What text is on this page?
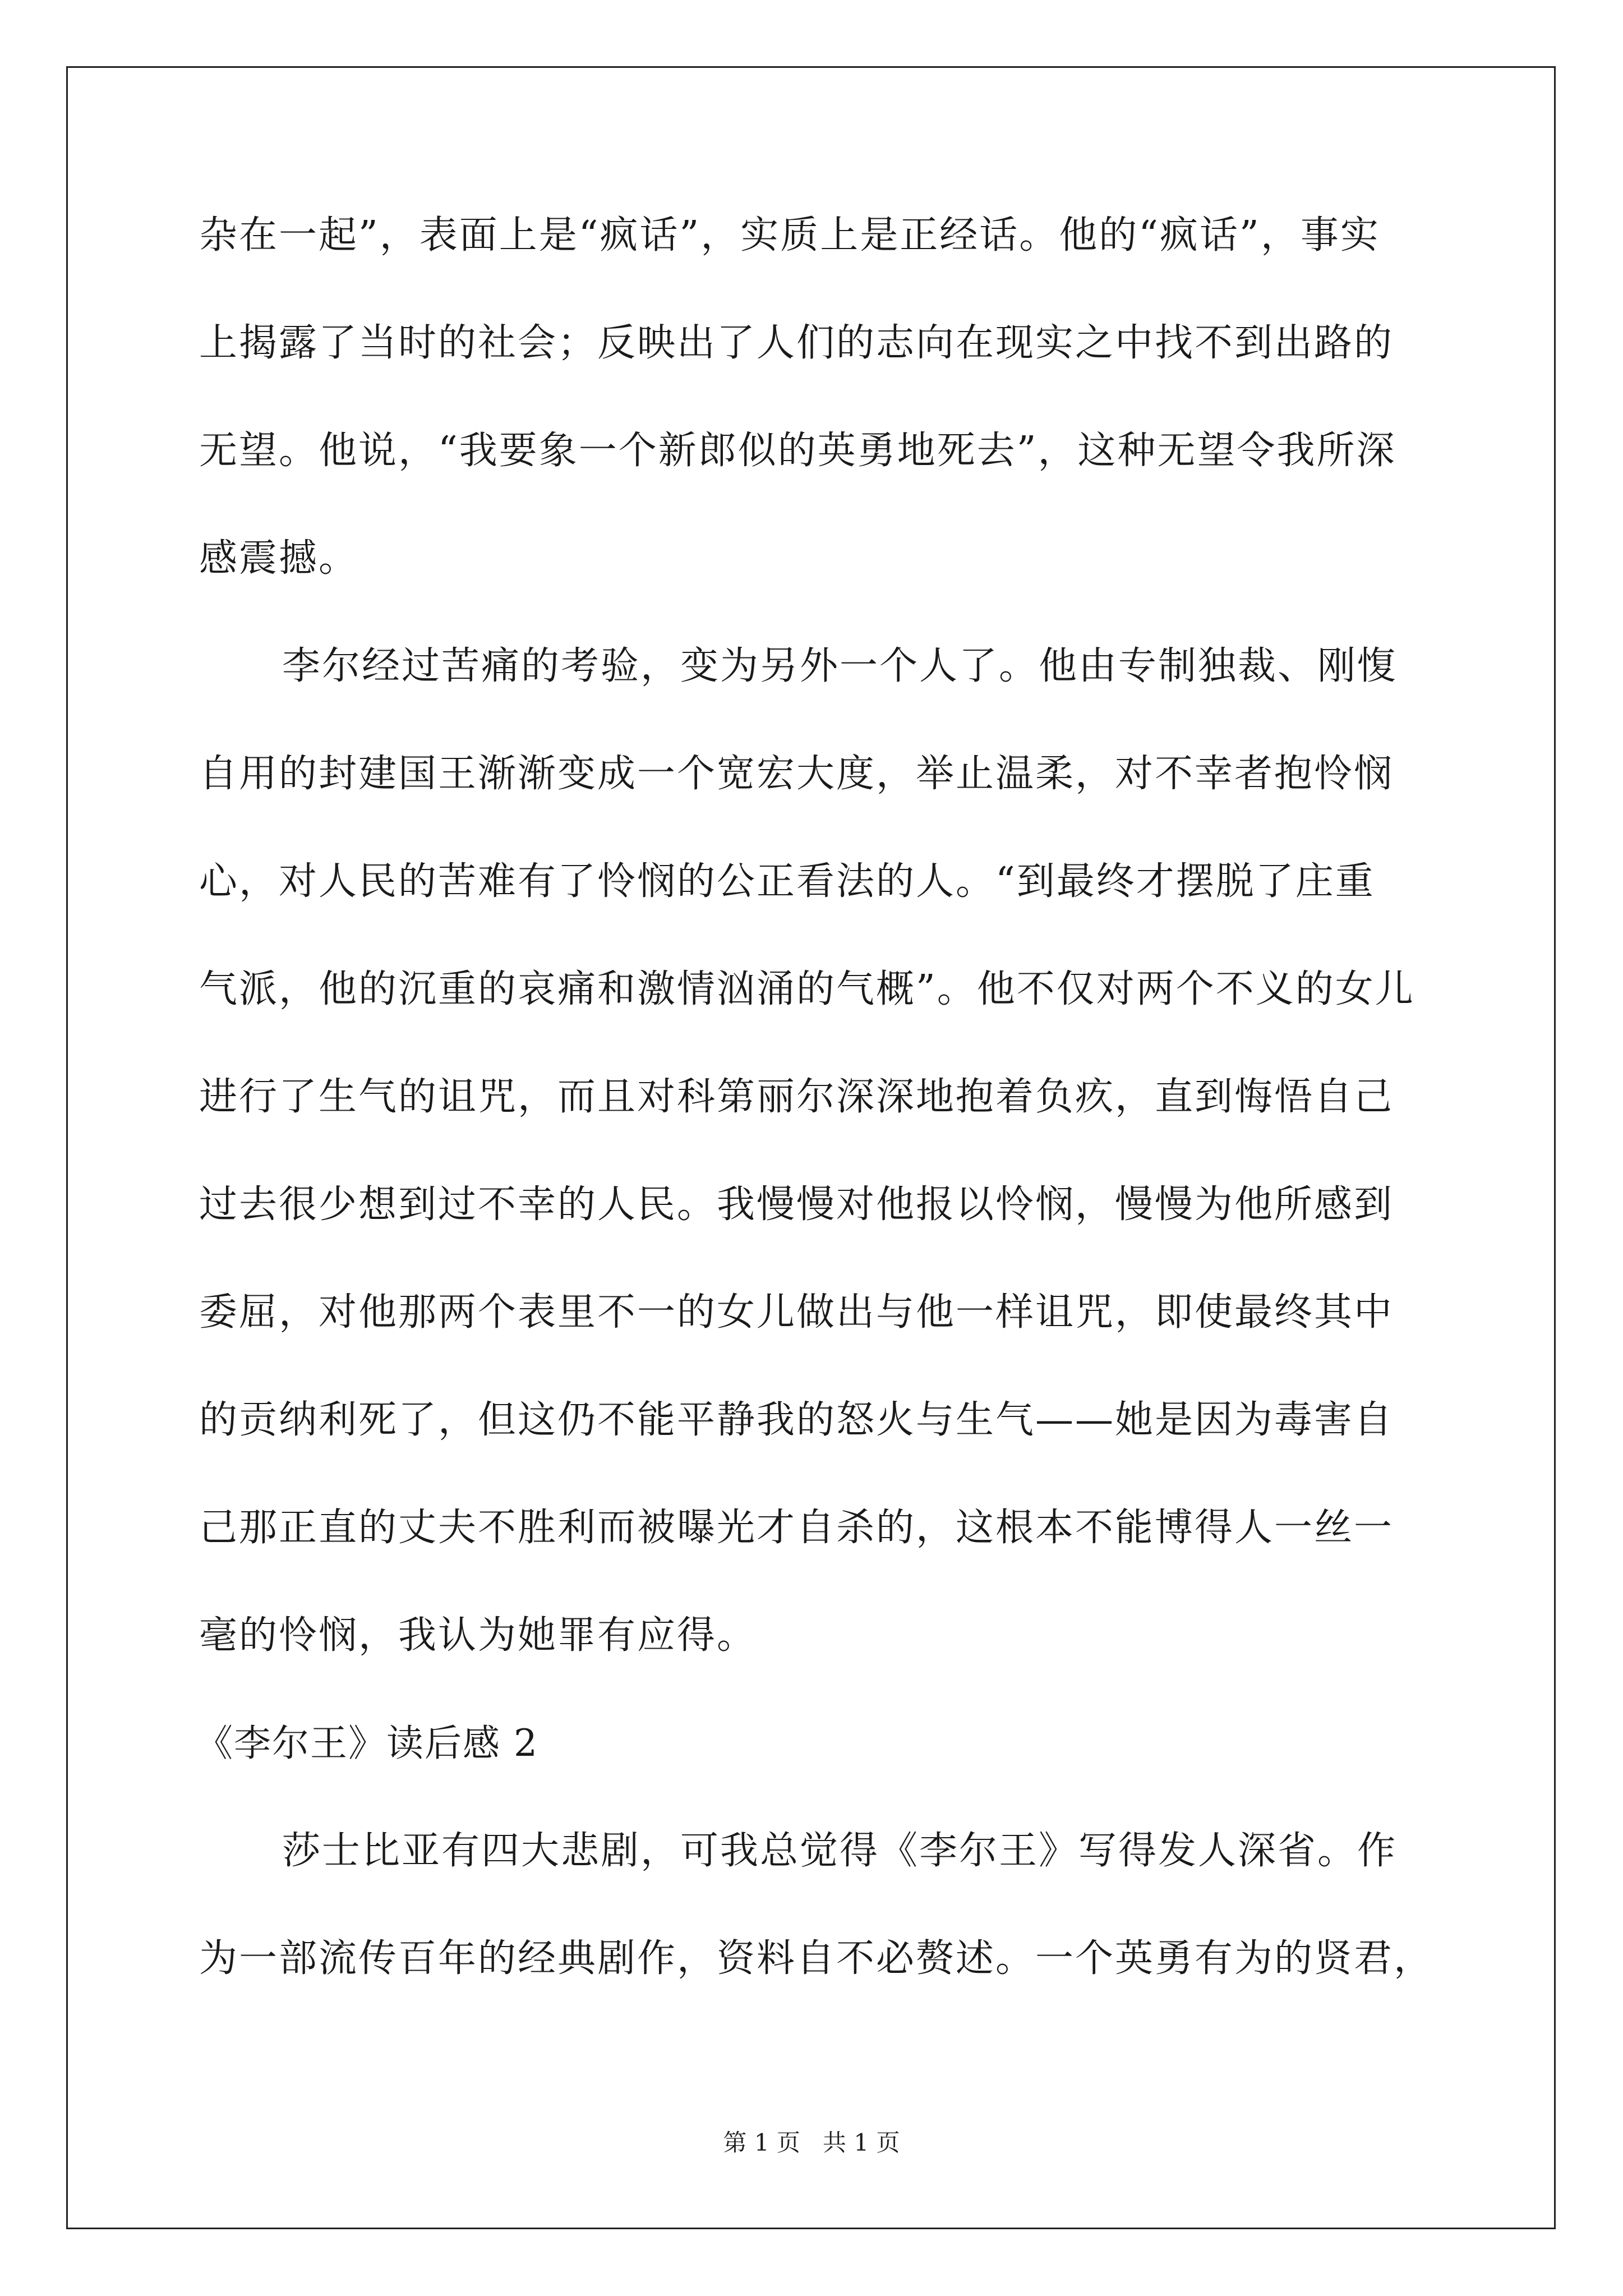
杂在一起”，表面上是“疯话”，实质上是正经话。他的“疯话”，事实
上揭露了当时的社会；反映出了人们的志向在现实之中找不到出路的
无望。他说，“我要象一个新郎似的英勇地死去”，这种无望令我所深
感震撼。
李尔经过苦痛的考验，变为另外一个人了。他由专制独裁、刚愎
自用的封建国王渐渐变成一个宽宏大度，举止温柔，对不幸者抱怜悯
心，对人民的苦难有了怜悯的公正看法的人。“到最终才摆脱了庄重
气派，他的沉重的哀痛和激情汹涌的气概”。他不仅对两个不义的女儿
进行了生气的诅咒，而且对科第丽尔深深地抱着负疚，直到悔悟自己
过去很少想到过不幸的人民。我慢慢对他报以怜悯，慢慢为他所感到
委屈，对他那两个表里不一的女儿做出与他一样诅咒，即使最终其中
的贡纳利死了，但这仍不能平静我的怒火与生气——她是因为毒害自
己那正直的丈夫不胜利而被曝光才自杀的，这根本不能博得人一丝一
毫的怜悯，我认为她罪有应得。
《李尔王》读后感 2
莎士比亚有四大悲剧，可我总觉得《李尔王》写得发人深省。作
为一部流传百年的经典剧作，资料自不必赘述。一个英勇有为的贤君，
第 1 页   共 1 页
